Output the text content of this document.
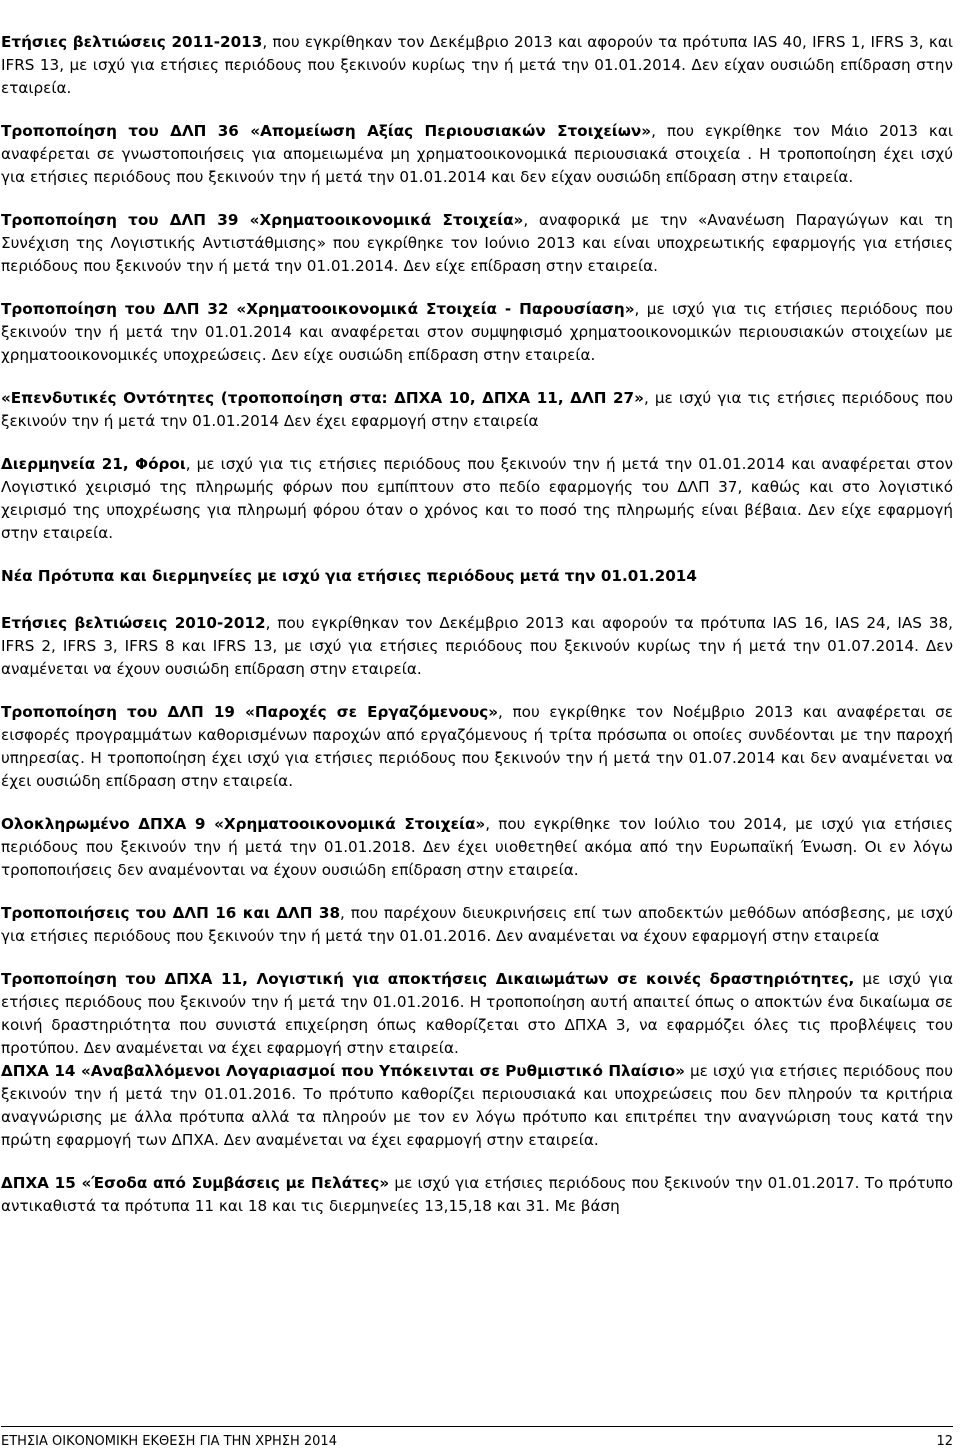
Ετήσιες βελτιώσεις 2011-2013, που εγκρίθηκαν τον Δεκέμβριο 2013 και αφορούν τα πρότυπα IAS 40, IFRS 1, IFRS 3, και IFRS 13, με ισχύ για ετήσιες περιόδους που ξεκινούν κυρίως την ή μετά την 01.01.2014. Δεν είχαν ουσιώδη επίδραση στην εταιρεία.

Τροποποίηση του ΔΛΠ 36 «Απομείωση Αξίας Περιουσιακών Στοιχείων», που εγκρίθηκε τον Μάιο 2013 και αναφέρεται σε γνωστοποιήσεις για απομειωμένα μη χρηματοοικονομικά περιουσιακά στοιχεία . Η τροποποίηση έχει ισχύ για ετήσιες περιόδους που ξεκινούν την ή μετά την 01.01.2014 και δεν είχαν ουσιώδη επίδραση στην εταιρεία.

Τροποποίηση του ΔΛΠ 39 «Χρηματοοικονομικά Στοιχεία», αναφορικά με την «Ανανέωση Παραγώγων και τη Συνέχιση της Λογιστικής Αντιστάθμισης» που εγκρίθηκε τον Ιούνιο 2013 και είναι υποχρεωτικής εφαρμογής για ετήσιες περιόδους που ξεκινούν την ή μετά την 01.01.2014. Δεν είχε επίδραση στην εταιρεία.

Τροποποίηση του ΔΛΠ 32 «Χρηματοοικονομικά Στοιχεία - Παρουσίαση», με ισχύ για τις ετήσιες περιόδους που ξεκινούν την ή μετά την 01.01.2014 και αναφέρεται στον συμψηφισμό χρηματοοικονομικών περιουσιακών στοιχείων με χρηματοοικονομικές υποχρεώσεις. Δεν είχε ουσιώδη επίδραση στην εταιρεία.

«Επενδυτικές Οντότητες (τροποποίηση στα: ΔΠΧΑ 10, ΔΠΧΑ 11, ΔΛΠ 27», με ισχύ για τις ετήσιες περιόδους που ξεκινούν την ή μετά την 01.01.2014 Δεν έχει εφαρμογή στην εταιρεία

Διερμηνεία 21, Φόροι, με ισχύ για τις ετήσιες περιόδους που ξεκινούν την ή μετά την 01.01.2014 και αναφέρεται στον Λογιστικό χειρισμό της πληρωμής φόρων που εμπίπτουν στο πεδίο εφαρμογής του ΔΛΠ 37, καθώς και στο λογιστικό χειρισμό της υποχρέωσης για πληρωμή φόρου όταν ο χρόνος και το ποσό της πληρωμής είναι βέβαια. Δεν είχε εφαρμογή στην εταιρεία.

Νέα Πρότυπα και διερμηνείες με ισχύ για ετήσιες περιόδους μετά την 01.01.2014

Ετήσιες βελτιώσεις 2010-2012, που εγκρίθηκαν τον Δεκέμβριο 2013 και αφορούν τα πρότυπα IAS 16, IAS 24, IAS 38, IFRS 2, IFRS 3, IFRS 8 και IFRS 13, με ισχύ για ετήσιες περιόδους που ξεκινούν κυρίως την ή μετά την 01.07.2014. Δεν αναμένεται να έχουν ουσιώδη επίδραση στην εταιρεία.

Τροποποίηση του ΔΛΠ 19 «Παροχές σε Εργαζόμενους», που εγκρίθηκε τον Νοέμβριο 2013 και αναφέρεται σε εισφορές προγραμμάτων καθορισμένων παροχών από εργαζόμενους ή τρίτα πρόσωπα οι οποίες συνδέονται με την παροχή υπηρεσίας. Η τροποποίηση έχει ισχύ για ετήσιες περιόδους που ξεκινούν την ή μετά την 01.07.2014 και δεν αναμένεται να έχει ουσιώδη επίδραση στην εταιρεία.

Ολοκληρωμένο ΔΠΧΑ 9 «Χρηματοοικονομικά Στοιχεία», που εγκρίθηκε τον Ιούλιο του 2014, με ισχύ για ετήσιες περιόδους που ξεκινούν την ή μετά την 01.01.2018. Δεν έχει υιοθετηθεί ακόμα από την Ευρωπαϊκή Ένωση. Οι εν λόγω τροποποιήσεις δεν αναμένονται να έχουν ουσιώδη επίδραση στην εταιρεία.

Τροποποιήσεις του ΔΛΠ 16 και ΔΛΠ 38, που παρέχουν διευκρινήσεις επί των αποδεκτών μεθόδων απόσβεσης, με ισχύ για ετήσιες περιόδους που ξεκινούν την ή μετά την 01.01.2016. Δεν αναμένεται να έχουν εφαρμογή στην εταιρεία

Τροποποίηση του ΔΠΧΑ 11, Λογιστική για αποκτήσεις Δικαιωμάτων σε κοινές δραστηριότητες, με ισχύ για ετήσιες περιόδους που ξεκινούν την ή μετά την 01.01.2016. Η τροποποίηση αυτή απαιτεί όπως ο αποκτών ένα δικαίωμα σε κοινή δραστηριότητα που συνιστά επιχείρηση όπως καθορίζεται στο ΔΠΧΑ 3, να εφαρμόζει όλες τις προβλέψεις του προτύπου. Δεν αναμένεται να έχει εφαρμογή στην εταιρεία.

ΔΠΧΑ 14 «Αναβαλλόμενοι Λογαριασμοί που Υπόκεινται σε Ρυθμιστικό Πλαίσιο» με ισχύ για ετήσιες περιόδους που ξεκινούν την ή μετά την 01.01.2016. Το πρότυπο καθορίζει περιουσιακά και υποχρεώσεις που δεν πληρούν τα κριτήρια αναγνώρισης με άλλα πρότυπα αλλά τα πληρούν με τον εν λόγω πρότυπο και επιτρέπει την αναγνώριση τους κατά την πρώτη εφαρμογή των ΔΠΧΑ. Δεν αναμένεται να έχει εφαρμογή στην εταιρεία.

ΔΠΧΑ 15 «Έσοδα από Συμβάσεις με Πελάτες» με ισχύ για ετήσιες περιόδους που ξεκινούν την 01.01.2017. Το πρότυπο αντικαθιστά τα πρότυπα 11 και 18 και τις διερμηνείες 13,15,18 και 31. Με βάση

ΕΤΗΣΙΑ ΟΙΚΟΝΟΜΙΚΗ ΕΚΘΕΣΗ ΓΙΑ ΤΗΝ ΧΡΗΣΗ 2014	12
